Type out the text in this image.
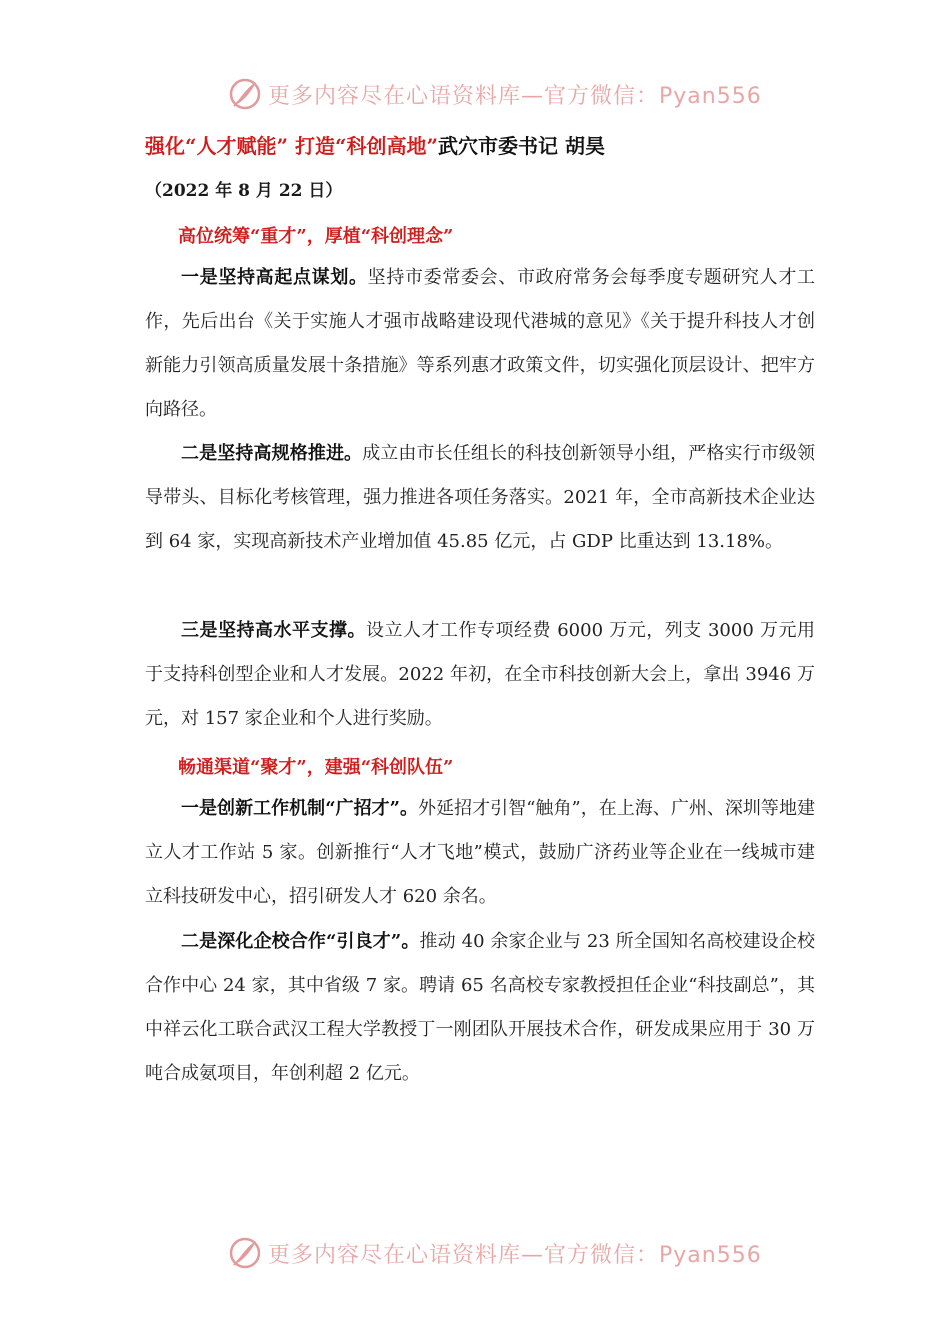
更多内容尽在心语资料库—官方微信：Pyan556
强化“人才赋能” 打造“科创高地”武穴市委书记 胡昊
（2022 年 8 月 22 日）
高位统筹“重才”，厚植“科创理念”
一是坚持高起点谋划。坚持市委常委会、市政府常务会每季度专题研究人才工作，先后出台《关于实施人才强市战略建设现代港城的意见》《关于提升科技人才创新能力引领高质量发展十条措施》等系列惠才政策文件，切实强化顶层设计、把牢方向路径。
二是坚持高规格推进。成立由市长任组长的科技创新领导小组，严格实行市级领导带头、目标化考核管理，强力推进各项任务落实。2021 年，全市高新技术企业达到 64 家，实现高新技术产业增加值 45.85 亿元，占 GDP 比重达到 13.18%。
三是坚持高水平支撑。设立人才工作专项经费 6000 万元，列支 3000 万元用于支持科创型企业和人才发展。2022 年初，在全市科技创新大会上，拿出 3946 万元，对 157 家企业和个人进行奖励。
畅通渠道“聚才”，建强“科创队伍”
一是创新工作机制“广招才”。外延招才引智“触角”，在上海、广州、深圳等地建立人才工作站 5 家。创新推行“人才飞地”模式，鼓励广济药业等企业在一线城市建立科技研发中心，招引研发人才 620 余名。
二是深化企校合作“引良才”。推动 40 余家企业与 23 所全国知名高校建设企校合作中心 24 家，其中省级 7 家。聘请 65 名高校专家教授担任企业“科技副总”，其中祥云化工联合武汉工程大学教授丁一刚团队开展技术合作，研发成果应用于 30 万吨合成氨项目，年创利超 2 亿元。
更多内容尽在心语资料库—官方微信：Pyan556
